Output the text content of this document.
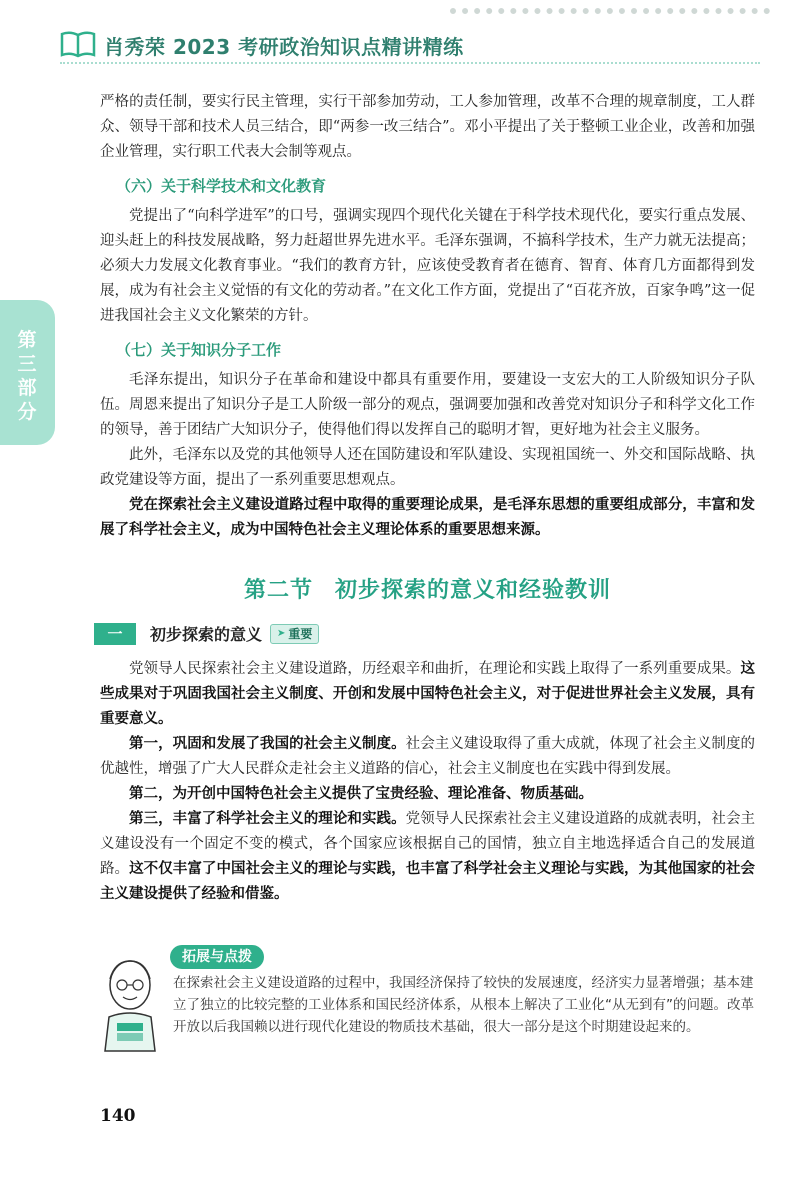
肖秀荣 2023 考研政治知识点精讲精练
第三部分

严格的责任制，要实行民主管理，实行干部参加劳动，工人参加管理，改革不合理的规章制度，工人群众、领导干部和技术人员三结合，即“两参一改三结合”。邓小平提出了关于整顿工业企业，改善和加强企业管理，实行职工代表大会制等观点。

（六）关于科学技术和文化教育

党提出了“向科学进军”的口号，强调实现四个现代化关键在于科学技术现代化，要实行重点发展、迎头赶上的科技发展战略，努力赶超世界先进水平。毛泽东强调，不搞科学技术，生产力就无法提高；必须大力发展文化教育事业。“我们的教育方针，应该使受教育者在德育、智育、体育几方面都得到发展，成为有社会主义觉悟的有文化的劳动者。”在文化工作方面，党提出了“百花齐放，百家争鸣”这一促进我国社会主义文化繁荣的方针。

（七）关于知识分子工作

毛泽东提出，知识分子在革命和建设中都具有重要作用，要建设一支宏大的工人阶级知识分子队伍。周恩来提出了知识分子是工人阶级一部分的观点，强调要加强和改善党对知识分子和科学文化工作的领导，善于团结广大知识分子，使得他们得以发挥自己的聪明才智，更好地为社会主义服务。

此外，毛泽东以及党的其他领导人还在国防建设和军队建设、实现祖国统一、外交和国际战略、执政党建设等方面，提出了一系列重要思想观点。

党在探索社会主义建设道路过程中取得的重要理论成果，是毛泽东思想的重要组成部分，丰富和发展了科学社会主义，成为中国特色社会主义理论体系的重要思想来源。

第二节 初步探索的意义和经验教训
一	初步探索的意义 ➤ 重要

党领导人民探索社会主义建设道路，历经艰辛和曲折，在理论和实践上取得了一系列重要成果。这些成果对于巩固我国社会主义制度、开创和发展中国特色社会主义，对于促进世界社会主义发展，具有重要意义。

第一，巩固和发展了我国的社会主义制度。社会主义建设取得了重大成就，体现了社会主义制度的优越性，增强了广大人民群众走社会主义道路的信心，社会主义制度也在实践中得到发展。

第二，为开创中国特色社会主义提供了宝贵经验、理论准备、物质基础。

第三，丰富了科学社会主义的理论和实践。党领导人民探索社会主义建设道路的成就表明，社会主义建设没有一个固定不变的模式，各个国家应该根据自己的国情，独立自主地选择适合自己的发展道路。这不仅丰富了中国社会主义的理论与实践，也丰富了科学社会主义理论与实践，为其他国家的社会主义建设提供了经验和借鉴。

拓展与点拨
在探索社会主义建设道路的过程中，我国经济保持了较快的发展速度，经济实力显著增强；基本建立了独立的比较完整的工业体系和国民经济体系，从根本上解决了工业化“从无到有”的问题。改革开放以后我国赖以进行现代化建设的物质技术基础，很大一部分是这个时期建设起来的。
140
